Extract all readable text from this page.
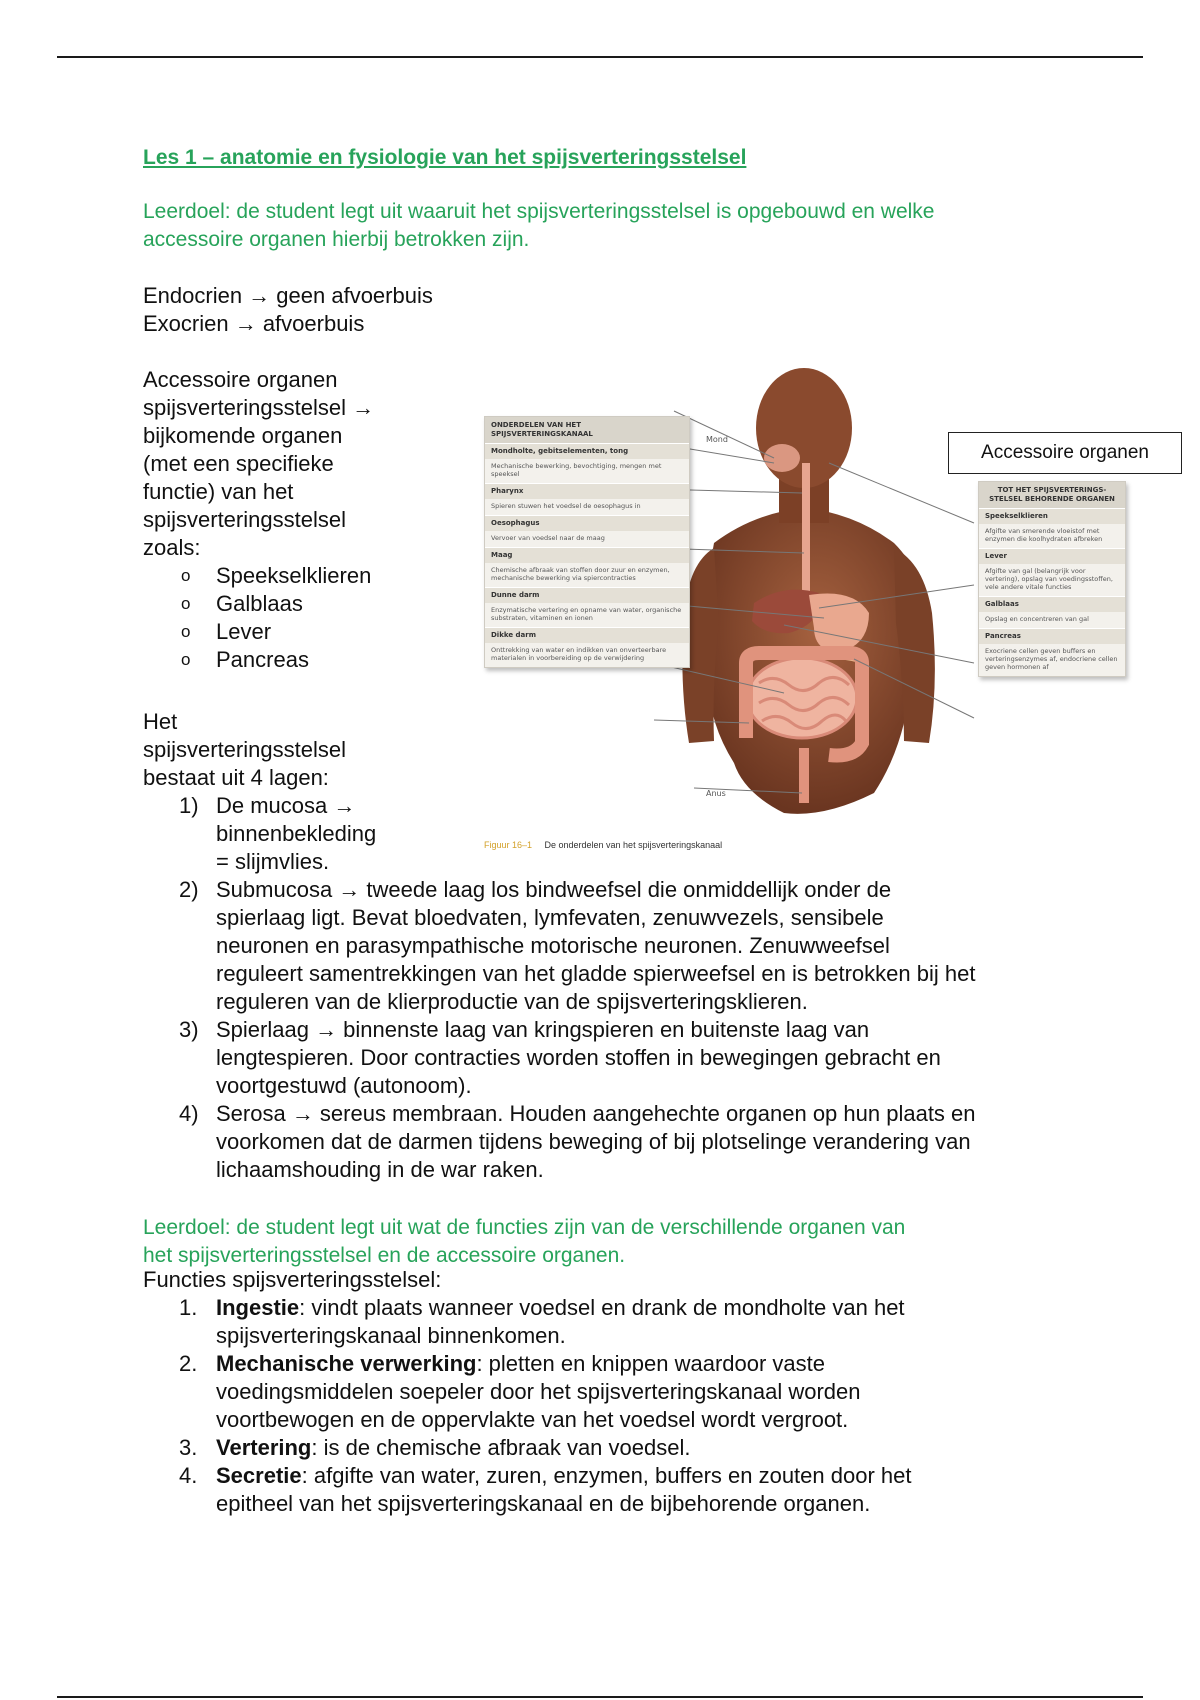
Les 1 – anatomie en fysiologie van het spijsverteringsstelsel
Leerdoel: de student legt uit waaruit het spijsverteringsstelsel is opgebouwd en welke
accessoire organen hierbij betrokken zijn.
Endocrien → geen afvoerbuis
Exocrien → afvoerbuis
Accessoire organen
spijsverteringsstelsel →
bijkomende organen
(met een specifieke
functie) van het
spijsverteringsstelsel
zoals:
o Speekselklieren
o Galblaas
o Lever
o Pancreas
Het
spijsverteringsstelsel
bestaat uit 4 lagen:
1) De mucosa →
binnenbekleding
= slijmvlies.
2) Submucosa → tweede laag los bindweefsel die onmiddellijk onder de
spierlaag ligt. Bevat bloedvaten, lymfevaten, zenuwvezels, sensibele
neuronen en parasympathische motorische neuronen. Zenuwweefsel
reguleert samentrekkingen van het gladde spierweefsel en is betrokken bij het
reguleren van de klierproductie van de spijsverteringsklieren.
3) Spierlaag → binnenste laag van kringspieren en buitenste laag van
lengtespieren. Door contracties worden stoffen in bewegingen gebracht en
voortgestuwd (autonoom).
4) Serosa → sereus membraan. Houden aangehechte organen op hun plaats en
voorkomen dat de darmen tijdens beweging of bij plotselinge verandering van
lichaamshouding in de war raken.
Leerdoel: de student legt uit wat de functies zijn van de verschillende organen van
het spijsverteringsstelsel en de accessoire organen.
Functies spijsverteringsstelsel:
1. Ingestie: vindt plaats wanneer voedsel en drank de mondholte van het
spijsverteringskanaal binnenkomen.
2. Mechanische verwerking: pletten en knippen waardoor vaste
voedingsmiddelen soepeler door het spijsverteringskanaal worden
voortbewogen en de oppervlakte van het voedsel wordt vergroot.
3. Vertering: is de chemische afbraak van voedsel.
4. Secretie: afgifte van water, zuren, enzymen, buffers en zouten door het
epitheel van het spijsverteringskanaal en de bijbehorende organen.
ONDERDELEN VAN HET
SPIJSVERTERINGSKANAAL
Mondholte, gebitselementen, tong
Mechanische bewerking, bevochtiging, mengen met speeksel
Pharynx
Spieren stuwen het voedsel de oesophagus in
Oesophagus
Vervoer van voedsel naar de maag
Maag
Chemische afbraak van stoffen door zuur en enzymen, mechanische bewerking via spiercontracties
Dunne darm
Enzymatische vertering en opname van water, organische substraten, vitaminen en ionen
Dikke darm
Onttrekking van water en indikken van onverteerbare materialen in voorbereiding op de verwijdering
TOT HET SPIJSVERTERINGS-
STELSEL BEHORENDE ORGANEN
Speekselklieren
Afgifte van smerende vloeistof met enzymen die koolhydraten afbreken
Lever
Afgifte van gal (belangrijk voor vertering), opslag van voedingsstoffen, vele andere vitale functies
Galblaas
Opslag en concentreren van gal
Pancreas
Exocriene cellen geven buffers en verteringsenzymes af, endocriene cellen geven hormonen af
Mond
Anus
Figuur 16–1 De onderdelen van het spijsverteringskanaal
Accessoire organen
